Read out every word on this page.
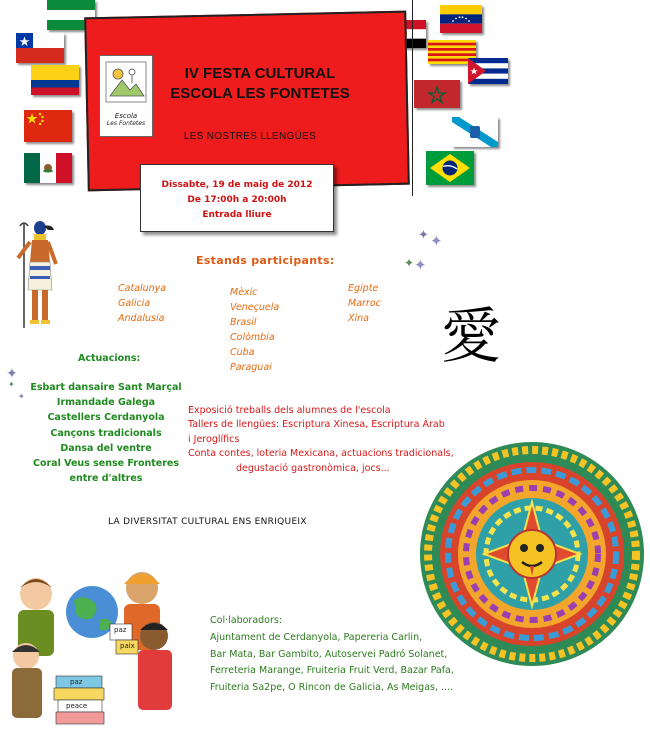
Escola
Les Fontetes
IV FESTA CULTURAL
ESCOLA LES FONTETES
LES NOSTRES LLENGÜES
Dissabte, 19 de maig de 2012
De 17:00h a 20:00h
Entrada lliure
✦ ✦
✦ ✦
✦
✦
✦
Estands participants:
Catalunya
Galicia
Andalusia
Mèxic
Veneçuela
Brasil
Colòmbia
Cuba
Paraguai
Egipte
Marroc
Xina 愛
Actuacions:
Esbart dansaire Sant Marçal
Irmandade Galega
Castellers Cerdanyola
Cançons tradicionals
Dansa del ventre
Coral Veus sense Fronteres
entre d'altres
Exposició treballs dels alumnes de l'escola
Tallers de llengües: Escriptura Xinesa, Escriptura Àrab
i Jeroglífics
Conta contes, loteria Mexicana, actuacions tradicionals,
degustació gastronòmica, jocs...
LA DIVERSITAT CULTURAL ENS ENRIQUEIX
paz
paix
peace
paz
Col·laboradors:
Ajuntament de Cerdanyola, Papereria Carlin,
Bar Mata, Bar Gambito, Autoservei Padró Solanet,
Ferreteria Marange, Fruiteria Fruit Verd, Bazar Pafa,
Fruiteria Sa2pe, O Rincon de Galicia, As Meigas, ....
